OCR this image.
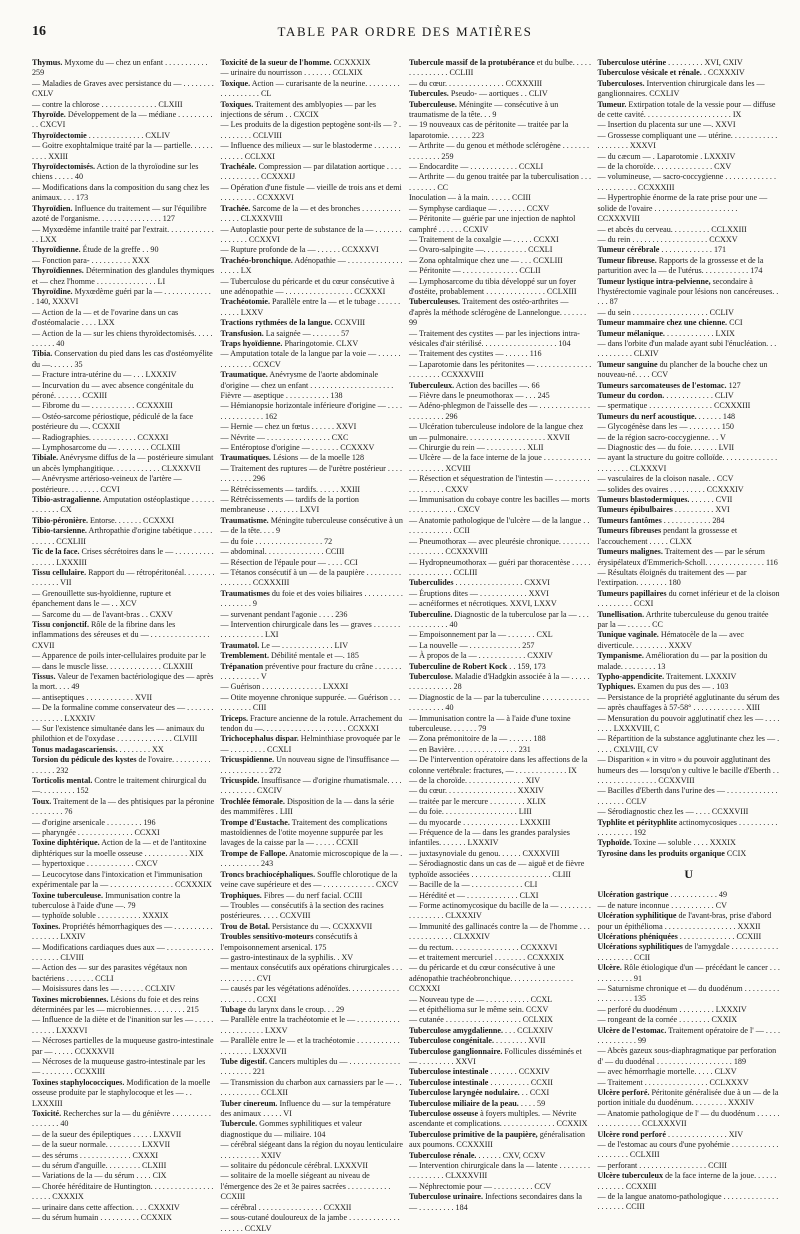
16	TABLE PAR ORDRE DES MATIÈRES
Thymus. Myxome du — chez un enfant . . . . . . . . . . . 259
— Maladies de Graves avec persistance du — . . . . . . . . CXLV
— contre la chlorose . . . . . . . . . . . . . . CLXIII
Thyroïde. Développement de la — médiane . . . . . . . . . . . CXCVI
Thyroïdectomie . . . . . . . . . . . . . . CXLIV
— Goitre exophtalmique traité par la — partielle. . . . . . . . . . XXIII
Thyroïdectomisés. Action de la thyroïodine sur les chiens . . . . . 40
— Modifications dans la composition du sang chez les animaux. . . . 173
Thyroïdien. Influence du traitement — sur l'équilibre azoté de l'organisme. . . . . . . . . . . . . . . . 127
— Myxœdème infantile traité par l'extrait. . . . . . . . . . . . . . LXX
Thyroïdienne. Étude de la greffe . . 90
— Fonction para- . . . . . . . . . . XXX
Thyroïdiennes. Détermination des glandules thymiques et — chez l'homme . . . . . . . . . . . . . . . LI
Thyroïdine. Myxœdème guéri par la — . . . . . . . . . . . . . 140, XXXVI
— Action de la — et de l'ovarine dans un cas d'ostéomalacie . . . . LXX
— Action de la — sur les chiens thyroïdectomisés. . . . . . . . . . . 40
Tibia. Conservation du pied dans les cas d'ostéomyélite du —. . . . . . 35
— Fracture intra-utérine du — . . . LXXXIV
— Incurvation du — avec absence congénitale du péroné. . . . . . . CCXIII
— Fibrome du — . . . . . . . . . . . CCXXXIII
— Ostéo-sarcome périostique, pédiculé de la face postérieure du —. CCXXII
— Radiographies. . . . . . . . . . . . CCXXXI
— Lymphosarcome du — . . . . . . . . CCLXIII
Tibiale. Anévrysme diffus de la — postérieure simulant un abcès lymphangitique. . . . . . . . . . . . CLXXXVII
— Anévrysme artérioso-veineux de l'artère — postérieure. . . . . . . . CCVI
Tibio-astragalienne. Amputation ostéoplastique . . . . . . . . . . . . . CX
Tibio-péronière. Entorse. . . . . . . CCXXXI
Tibio-tarsienne. Arthropathie d'origine tabétique . . . . . . . . . . . CCXLIII
Tic de la face. Crises sécrétoires dans le — . . . . . . . . . . . . . . . . LXXXIII
Tissu cellulaire. Rapport du — rétropéritonéal. . . . . . . . . . . . . . . VII
— Grenouillette sus-hyoïdienne, rupture et épanchement dans le — . . XCV
— Sarcome du — de l'avant-bras . . CXXV
Tissu conjonctif. Rôle de la fibrine dans les inflammations des séreuses et du — . . . . . . . . . . . . . . . CXVII
— Apparence de poils inter-cellulaires produite par le — dans le muscle lisse. . . . . . . . . . . . . . CLXXIII
Tissus. Valeur de l'examen bactériologique des — après la mort. . . . 49
— antiseptiques . . . . . . . . . . . . XVII
— De la formaline comme conservateur des — . . . . . . . . . . . . . . . LXXXIV
— Sur l'existence simultanée dans les — animaux du philothion et de l'oxydase . . . . . . . . . . . . . . CLVIII
Tonus madagascariensis. . . . . . . . . XX
Torsion du pédicule des kystes de l'ovaire. . . . . . . . . . . . . . . . 232
Torticolis mental. Contre le traitement chirurgical du —. . . . . . . . . 152
Toux. Traitement de la — des phtisiques par la péronine . . . . . . . . 76
— d'origine arsenicale . . . . . . . . . 196
— pharyngée . . . . . . . . . . . . . . CCXXI
Toxine diphtérique. Action de la — et de l'antitoxine diphtériques sur la moelle osseuse . . . . . . . . . . . XIX
— hypertoxique . . . . . . . . . . . . CXCV
— Leucocytose dans l'intoxication et l'immunisation expérimentale par la — . . . . . . . . . . . . . . . . CCXXXIX
Toxine tuberculeuse. Immunisation contre la tuberculose à l'aide d'une —. 79
— typhoïde soluble . . . . . . . . . . . XXXIX
Toxines. Propriétés hémorrhagiques des — . . . . . . . . . . . . . . . . . LXXIV
— Modifications cardiaques dues aux — . . . . . . . . . . . . . . . . . . . CLVIII
— Action des — sur des parasites végétaux non bactériens . . . . . . . CCLI
— Moisissures dans les — . . . . . . CCLXIV
Toxines microbiennes. Lésions du foie et des reins déterminées par les — microbiennes. . . . . . . . . 215
— Influence de la diète et de l'inanition sur les — . . . . . . . . . . . LXXXVI
— Nécroses partielles de la muqueuse gastro-intestinale par — . . . . . CCXXXVII
— Nécroses de la muqueuse gastro-intestinale par les — . . . . . . . . CCXXIII
Toxines staphylococciques. Modification de la moelle osseuse produite par le staphylocoque et les — . . LXXXIII
Toxicité. Recherches sur la — du génièvre . . . . . . . . . . . . . . . . . 40
— de la sueur des épileptiques . . . . . LXXVII
— de la sueur normale. . . . . . . . . LXXVII
— des sérums . . . . . . . . . . . . . CXXXI
— du sérum d'anguille. . . . . . . . . CLXIII
— Variations de la — du sérum . . . . CIX
— Chorée héréditaire de Huntington. . . . . . . . . . . . . . . . . . . . . CXXXIX
— urinaire dans cette affection. . . . CXXXIV
— du sérum humain . . . . . . . . . . CCXXIX
Toxicité de la sueur de l'homme. CCXXXIX
— urinaire du nourrisson . . . . . . . CCLXIX
Toxique. Action — curarisante de la neurine. . . . . . . . . . . . . . . . . . . CL
Toxiques. Traitement des amblyopies — par les injections de sérum . . CXCIX
— Les produits de la digestion peptogène sont-ils — ? . . . . . . . . . CCLVIII
— Influence des milieux — sur le blastoderme . . . . . . . . . . . . . CCLXXI
Trachéale. Compression — par dilatation aortique . . . . . . . . . . . . . . CCXXXIJ
— Opération d'une fistule — vieille de trois ans et demi . . . . . . . . . CCXXXVI
Trachée. Sarcome de la — et des bronches . . . . . . . . . . . . . . . CLXXXVIII
— Autoplastie pour perte de substance de la — . . . . . . . . . . . . . . CCXXVI
— Rupture profonde de la — . . . . . . CCXXXVI
Trachéo-bronchique. Adénopathie — . . . . . . . . . . . . . . . . . . . LX
— Tuberculose du péricarde et du cœur consécutive à une adénopathie — . . . . . . . . . . . . . . . . . CCXXXI
Trachéotomie. Parallèle entre la — et le tubage . . . . . . . . . . . LXXV
Tractions rythmées de la langue. CCXVIII
Transfusion. La saignée — . . . . . . . 57
Traps hyoïdienne. Pharingotomie. CLXV
— Amputation totale de la langue par la voie — . . . . . . . . . . . . . . CCXCV
Traumatique. Anévrysme de l'aorte abdominale d'origine — chez un enfant . . . . . . . . . . . . . . . . . . . . .
Fièvre — aseptique . . . . . . . . . . . 138
— Hémianopsie horizontale inférieure d'origine — . . . . . . . . . . . . . . . 162
— Hernie — chez un fœtus . . . . . . XXVI
— Névrite — . . . . . . . . . . . . . . . . CXC
— Entéroptose d'origine — . . . . . . . CCXXXV
Traumatiques. Lésions — de la moelle 128
— Traitement des ruptures — de l'urètre postérieur . . . . . . . . . . . . 296
— Rétrécissements — tardifs. . . . . . XXIII
— Rétrécissements — tardifs de la portion membraneuse . . . . . . . . LXVI
Traumatisme. Méningite tuberculeuse consécutive à un — de la tête. . . . 9
— du foie . . . . . . . . . . . . . . . . . 72
— abdominal. . . . . . . . . . . . . . . CCIII
— Résection de l'épaule pour — . . . . CCI
— Tétanos consécutif à un — de la paupière . . . . . . . . . . . . . . . . . CCXXXIII
Traumatismes du foie et des voies biliaires . . . . . . . . . . . . . . . . . . 9
— survenant pendant l'agonie . . . . 236
— Intervention chirurgicale dans les — graves . . . . . . . . . . . . . . . . . . LXI
Traumatol. Le — . . . . . . . . . . . . . LIV
Tremblement. Débilité mentale et —. 185
Trépanation préventive pour fracture du crâne . . . . . . . . . . . . . . . . . V
— Guérison . . . . . . . . . . . . . . . LXXXI
— Otite moyenne chronique suppurée. — Guérison . . . . . . . . . . . CIII
Triceps. Fracture ancienne de la rotule. Arrachement du tendon du —. . . . . . . . . . . . . . . . . . . . . CCXXXI
Trichocephalus dispar. Helminthiase provoquée par le — . . . . . . . . . CCXLI
Tricuspidienne. Un nouveau signe de l'insuffisance — . . . . . . . . . . . . 272
Tricuspide. Insuffisance — d'origine rhumatismale. . . . . . . . . . . . . CXCIV
Trochlée fémorale. Disposition de la — dans la série des mammifères . LIII
Trompe d'Eustache. Traitement des complications mastoïdiennes de l'otite moyenne suppurée par les lavages de la caisse par la — . . . . . CCXII
Trompe de Fallope. Anatomie microscopique de la — . . . . . . . . . . . 243
Troncs brachiocéphaliques. Souffle chlorotique de la veine cave supérieure et des — . . . . . . . . . . . . . CXCV
Trophiques. Fibres — du nerf facial. CCIII
— Troubles — consécutifs à la section des racines postérieures. . . . . CCXVIII
Trou de Botal. Persistance du —. CCXXXVII
Troubles sensitivo-moteurs consécutifs à l'empoisonnement arsenical. 175
— gastro-intestinaux de la syphilis. . XV
— mentaux consécutifs aux opérations chirurgicales . . . . . . . . . . . . CVI
— causés par les végétations adénoïdes. . . . . . . . . . . . . . . . . . . . . . CCXI
Tubage du larynx dans le croup. . . 29
— Parallèle entre la trachéotomie et le — . . . . . . . . . . . . . . . . . . . . . . LXXV
— Parallèle entre le — et la trachéotomie . . . . . . . . . . . . . . . . . . . LXXXVII
Tube digestif. Cancers multiples du — . . . . . . . . . . . . . . . . . . . . . 221
— Transmission du charbon aux carnassiers par le — . . . . . . . . . . . . CCLXII
Tuber cinereum. Influence du — sur la température des animaux . . . . . VI
Tubercule. Gommes syphilitiques et valeur diagnostique du — miliaire. 104
— cérébral siégeant dans la région du noyau lenticulaire . . . . . . . . . . XXIV
— solitaire du pédoncule cérébral. LXXXVII
— solitaire de la moelle siégeant au niveau de l'émergence des 2e et 3e paires sacrées . . . . . . . . . . . CCXIII
— cérébral . . . . . . . . . . . . . . . . CCXXII
— sous-cutané douloureux de la jambe . . . . . . . . . . . . . . . . . . . CCXLV
Tubercule massif de la protubérance et du bulbe. . . . . . . . . . . . . . . CCLIII
— du cœur. . . . . . . . . . . . . . . CCXXXIII
Tubercules. Pseudo- — aortiques . . CLIV
Tuberculeuse. Méningite — consécutive à un traumatisme de la tête. . . 9
— 19 nouveaux cas de péritonite — traitée par la laparotomie. . . . . . 223
— Arthrite — du genou et méthode sclérogène . . . . . . . . . . . . . . . 259
— Endocardite — . . . . . . . . . . . . CCXLI
— Arthrite — du genou traitée par la tuberculisation . . . . . . . . . . CC
Inoculation — à la main. . . . . . CCIII
— Symphyse cardiaque — . . . . . . . CCXV
— Péritonite — guérie par une injection de naphtol camphré . . . . . . CCXIV
— Traitement de la coxalgie — . . . . . CCXXI
— Ovaro-salpingite —. . . . . . . . . . . CCXLI
— Zona ophtalmique chez une — . . . CCXLIII
— Péritonite — . . . . . . . . . . . . . . CCLII
— Lymphosarcome du tibia développé sur un foyer d'ostéite, probablement . . . . . . . . . . . . . . . CCLXIII
Tuberculeuses. Traitement des ostéo-arthrites — d'après la méthode sclérogène de Lannelongue. . . . . . . 99
— Traitement des cystites — par les injections intra-vésicales d'air stérilisé. . . . . . . . . . . . . . . . . . . 104
— Traitement des cystites — . . . . . . 116
— Laparotomie dans les péritonites — . . . . . . . . . . . . . . . . . . . . . . CCXXXVIII
Tuberculeux. Action des bacilles —. 66
— Fièvre dans le pneumothorax — . . . 245
— Adéno-phlegmon de l'aisselle des — . . . . . . . . . . . . . . . . . . . . . . 296
— Ulcération tuberculeuse indolore de la langue chez un — pulmonaire. . . . . . . . . . . . . . . . . . . . XXVII
— Chirurgie du rein — . . . . . . . . . . XLII
— Ulcère — de la face interne de la joue . . . . . . . . . . . . . . . . . . . . . XCVIII
— Résection et séquestration de l'intestin — . . . . . . . . . . . . . . . . . . CXXV
— Immunisation du cobaye contre les bacilles — morts . . . . . . . . . . . . CXCV
— Anatomie pathologique de l'ulcère — de la langue . . . . . . . . . . . . . CCII
— Pneumothorax — avec pleurésie chronique. . . . . . . . . . . . . . . . . CCXXXVIII
— Hydropneumothorax — guéri par thoracentèse . . . . . . . . . . . . . . . . CCLIII
Tuberculides . . . . . . . . . . . . . . . . . CXXVI
— Éruptions dites — . . . . . . . . . . . . XXVI
— acnéiformes et nécrotiques. XXVI, LXXV
Tuberculine. Diagnostic de la tuberculose par la — . . . . . . . . . . . . . 40
— Empoisonnement par la — . . . . . . . CXL
— La nouvelle — . . . . . . . . . . . . . 257
— À propos de la — . . . . . . . . . . . . CXXIV
Tuberculine de Robert Kock . . 159, 173
Tuberculose. Maladie d'Hadgkin associée à la — . . . . . . . . . . . . . . . . 28
— Diagnostic de la — par la tuberculine . . . . . . . . . . . . . . . . . . . . . 40
— Immunisation contre la — à l'aide d'une toxine tuberculeuse. . . . . . . 79
— Zona prémonitoire de la — . . . . . . 188
— en Bavière. . . . . . . . . . . . . . . . 231
— De l'intervention opératoire dans les affections de la colonne vertébrale: fractures, — . . . . . . . . . . . . . IX
— de la choroïde. . . . . . . . . . . . . . . XIV
— du cœur. . . . . . . . . . . . . . . . . . XXXIV
— traitée par le mercure . . . . . . . . . XLIX
— du foie. . . . . . . . . . . . . . . . . . . LIII
— du myocarde . . . . . . . . . . . . . . LXXXIII
— Fréquence de la — dans les grandes paralysies infantiles. . . . . . . LXXXIV
— juxtasynoviale du genou. . . . . . CXXXVIII
— Sérodiagnostic dans un cas de — aiguë et de fièvre typhoïde associées . . . . . . . . . . . . . . . . . . . . CLIII
— Bacille de la — . . . . . . . . . . . . . CLI
— Hérédité et — . . . . . . . . . . . . . CLXI
— Forme actinomycosique du bacille de la — . . . . . . . . . . . . . . . . . CLXXXIV
— Immunité des gallinacés contre la — de l'homme . . . . . . . . . . . . . . CLXXXIV
— du rectum. . . . . . . . . . . . . . . . . CCXXXVI
— et traitement mercuriel . . . . . . . . CCXXXIX
— du péricarde et du cœur consécutive à une adénopathie trachéobronchique. . . . . . . . . . . . . . . . CCXXXI
— Nouveau type de — . . . . . . . . . . . CCXL
— et épithélioma sur le même sein. CCXV
— cutanée . . . . . . . . . . . . . . . . . . . CCLXIX
Tuberculose amygdalienne. . . . CCLXXIV
Tuberculose congénitale. . . . . . . . . XVII
Tuberculose ganglionnaire. Follicules disséminés et — . . . . . . . . . XXVI
Tuberculose intestinale . . . . . . . CCXXIV
Tuberculose intestinale . . . . . . . . . . CCXII
Tuberculose laryngée nodulaire. . . CCXI
Tuberculose miliaire de la peau. . . . . 59
Tuberculose osseuse à foyers multiples. — Névrite ascendante et complications. . . . . . . . . . . . . . CCXXIX
Tuberculose primitive de la paupière, généralisation aux poumons. CCXXXIII
Tuberculose rénale. . . . . . . CXV, CCXV
— Intervention chirurgicale dans la — latente . . . . . . . . . . . . . . . . . CLXXXVIII
— Néphrectomie pour — . . . . . . . . . . CCV
Tuberculose urinaire. Infections secondaires dans la — . . . . . . . . . 184
Tuberculose utérine . . . . . . . . . XVI, CXIV
Tuberculose vésicale et rénale. . CCXXXIV
Tuberculoses. Intervention chirurgicale dans les — ganglionnaires. CCXLIV
Tumeur. Extirpation totale de la vessie pour — diffuse de cette cavité. . . . . . . . . . . . . . . . . . . . . . IX
— Insertion du placenta sur une —. XXVI
— Grossesse compliquant une — utérine. . . . . . . . . . . . . . . . . . . . XXXVI
— du cæcum — . Laparotomie . LXXXIV
— de la choroïde. . . . . . . . . . . . . . . CXV
— volumineuse, — sacro-coccygienne . . . . . . . . . . . . . . . . . . . . . . . CCXXXIII
— Hypertrophie énorme de la rate prise pour une — solide de l'ovaire . . . . . . . . . . . . . . . . . . . . . CCXXXVIII
— et abcès du cerveau. . . . . . . . . . CCLXXIII
— du rein . . . . . . . . . . . . . . . . . . . CCXXV
Tumeur cérébrale . . . . . . . . . . . . . 171
Tumeur fibreuse. Rapports de la grossesse et de la parturition avec la — de l'utérus. . . . . . . . . . . . 174
Tumeur lystique intra-pelvienne, secondaire à l'hystérectomie vaginale pour lésions non cancéreuses. . . . . 87
— du sein . . . . . . . . . . . . . . . . . . . CCLIV
Tumeur mammaire chez une chienne. CCI
Tumeur mélanique. . . . . . . . . . . . . LXIX
— dans l'orbite d'un malade ayant subi l'énucléation. . . . . . . . . . . . CLXIV
Tumeur sanguine du plancher de la bouche chez un nouveau-né. . . . CCV
Tumeurs sarcomateuses de l'estomac. 127
Tumeur du cordon. . . . . . . . . . . . . CLIV
— spermatique . . . . . . . . . . . . . . . . CCXXXIII
Tumeurs du nerf acoustique. . . . . . . 148
— Glycogénèse dans les — . . . . . . . . 150
— de la région sacro-coccygienne. . . V
— Diagnostic des — du foie. . . . . . . LVII
— ayant la structure du goitre colloïde. . . . . . . . . . . . . . . . . . . . . . CLXXXVI
— vasculaires de la cloison nasale. . CCV
— solides des ovaires . . . . . . . . . CCXXXIV
Tumeurs blastodermiques. . . . . . . CVII
Tumeurs épibulbaires . . . . . . . . . . XVI
Tumeurs fantômes . . . . . . . . . . . . 284
Tumeurs fibreuses pendant la grossesse et l'accouchement . . . . . CLXX
Tumeurs malignes. Traitement des — par le sérum érysipélateux d'Emmerich-Scholl. . . . . . . . . . . . . . . 116
— Résultats éloignés du traitement des — par l'extirpation. . . . . . . . 180
Tumeurs papillaires du cornet inférieur et de la cloison . . . . . . . . . CCXI
Tunellisation. Arthrite tuberculeuse du genou traitée par la — . . . . . . CC
Tunique vaginale. Hématocèle de la — avec diverticule. . . . . . . . . XXXV
Tympanisme. Amélioration du — par la position du malade. . . . . . . . . 13
Typho-appendicite. Traitement. LXXXIV
Typhiques. Examen du pus des — . 103
— Persistance de la propriété agglutinante du sérum des — après chauffages à 57-58° . . . . . . . . . . . . . XIII
— Mensuration du pouvoir agglutinatif chez les — . . . . . . . . LXXXVIII, C
— Répartition de la substance agglutinante chez les — . . . . . CXLVIII, CV
— Disparition « in vitro » du pouvoir agglutinant des humeurs des — lorsqu'on y cultive le bacille d'Eberth . . . . . . . . . . . . . . . . . CCXXVIII
— Bacilles d'Eberth dans l'urine des — . . . . . . . . . . . . . . . . . . . . CCLV
— Sérodiagnostic chez les — . . . . CCXXVIII
Typhlite et pérityphlite actinomycosiques . . . . . . . . . . . . . . . . . . . 192
Typhoïde. Toxine — soluble . . . . XXXIX
Tyrosine dans les produits organique CCIX
U
Ulcération gastrique . . . . . . . . . . . . 49
— de nature inconnue . . . . . . . . . . . CV
Ulcération syphilitique de l'avant-bras, prise d'abord pour un épithélioma . . . . . . . . . . . . . . . . . . XXXII
Ulcérations phéniquées . . . . . . . . . . . . . . CCXIII
Ulcérations syphilitiques de l'amygdale . . . . . . . . . . . . . . . . . . . . . CCII
Ulcère. Rôle étiologique d'un — précédant le cancer . . . . . . . . . . . . 91
— Saturnisme chronique et — du duodénum . . . . . . . . . . . . . . . . . . 135
— perforé du duodénum . . . . . . . . . LXXXIV
— rongeant de la cornée . . . . . . . . CXXIX
Ulcère de l'estomac. Traitement opératoire de l' — . . . . . . . . . . . . . . 99
— Abcès gazeux sous-diaphragmatique par perforation d' — du duodénal . . . . . . . . . . . . . . . . . . . 189
— avec hémorrhagie mortelle. . . . . CLXV
— Traitement . . . . . . . . . . . . . . . . CCLXXXV
Ulcère perforé. Péritonite généralisée due à un — de la portion initiale du duodénum. . . . . . . . . XXXIV
— Anatomie pathologique de l' — du duodénum . . . . . . . . . . . . . . . . . CCLXXXVII
Ulcère rond perforé . . . . . . . . . . . . . . . XIV
— de l'estomac au cours d'une pyohémie . . . . . . . . . . . . . . . . . . . . CCLXIII
— perforant . . . . . . . . . . . . . . . . . CCIII
Ulcère tuberculeux de la face interne de la joue. . . . . . . . . . . . . CCXXIII
— de la langue anatomo-pathologique . . . . . . . . . . . . . . . . . . . . . CCIII
